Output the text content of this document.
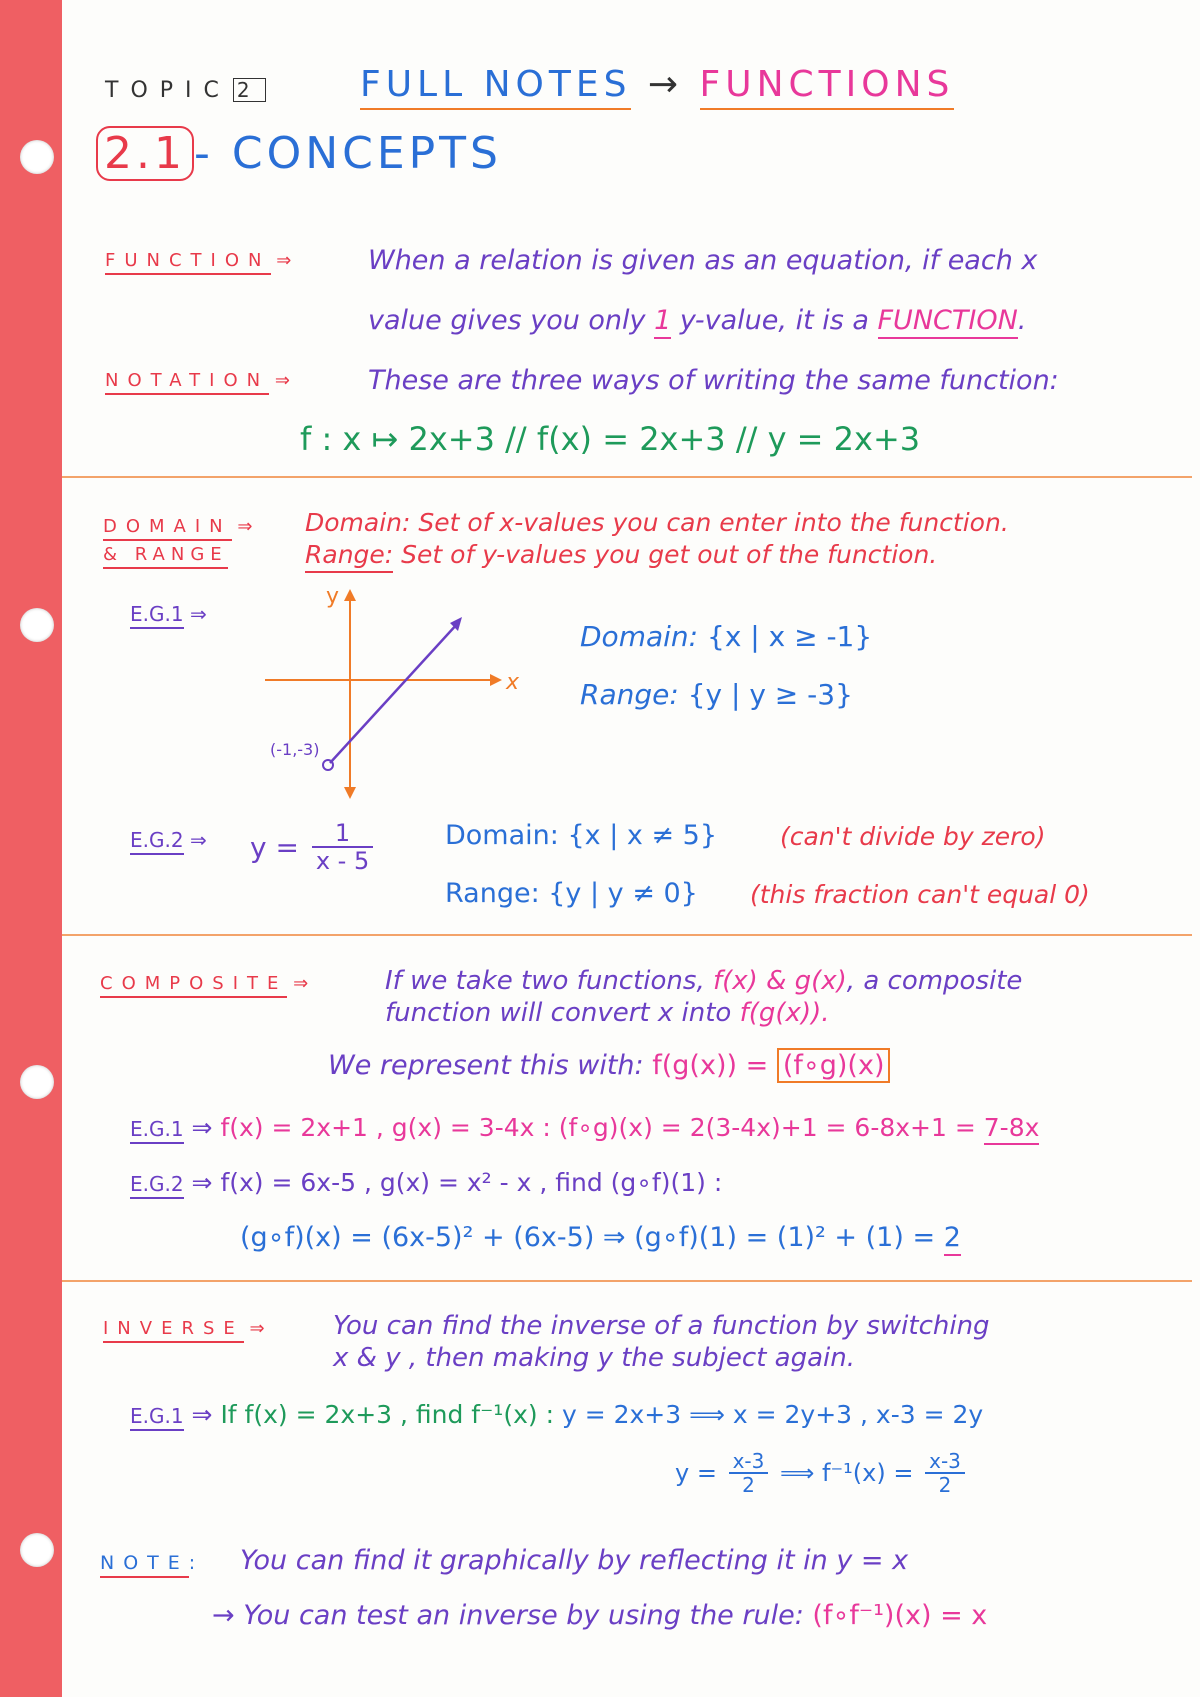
TOPIC 2	FULL NOTES → FUNCTIONS
2.1 - CONCEPTS
FUNCTION ⇒	When a relation is given as an equation, if each x
value gives you only 1 y-value, it is a FUNCTION.
NOTATION ⇒	These are three ways of writing the same function:
f : x ↦ 2x+3 // f(x) = 2x+3 // y = 2x+3
DOMAIN ⇒
& RANGE
Domain: Set of x-values you can enter into the function.
Range: Set of y-values you get out of the function.
E.G.1 ⇒
y
x
(-1,-3)
Domain: {x | x ≥ -1}
Range: {y | y ≥ -3}
E.G.2 ⇒ $y = \frac{1}{x - 5}$	Domain: {x | x ≠ 5}	(can't divide by zero)
Range: {y | y ≠ 0} (this fraction can't equal 0)
COMPOSITE ⇒	If we take two functions, f(x) & g(x), a composite
function will convert x into f(g(x)).
We represent this with: f(g(x)) = (f∘g)(x)
E.G.1 ⇒ f(x) = 2x+1 , g(x) = 3-4x : (f∘g)(x) = 2(3-4x)+1 = 6-8x+1 = 7-8x
E.G.2 ⇒ f(x) = 6x-5 , g(x) = x² - x , find (g∘f)(1) :
(g∘f)(x) = (6x-5)² + (6x-5) ⇒ (g∘f)(1) = (1)² + (1) = 2
INVERSE ⇒	You can find the inverse of a function by switching
x & y , then making y the subject again.
E.G.1 ⇒ If f(x) = 2x+3 , find f⁻¹(x) : y = 2x+3 ⟹ x = 2y+3 , x-3 = 2y
$y = \frac{x-3}{2}$ ⟹ $f^{-1}(x) = \frac{x-3}{2}$
NOTE: You can find it graphically by reflecting it in y = x
→ You can test an inverse by using the rule: (f∘f⁻¹)(x) = x
